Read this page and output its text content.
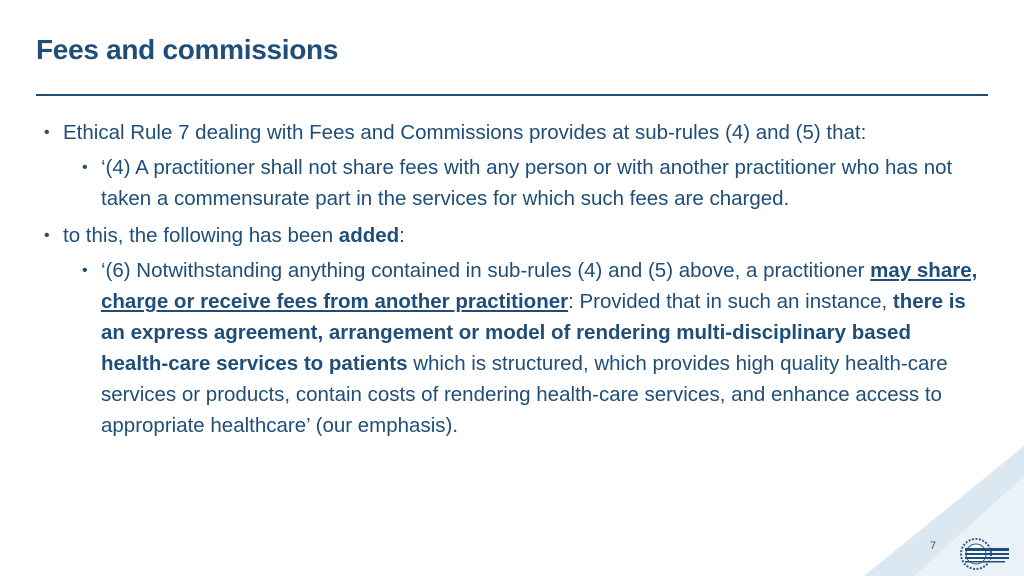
Fees and commissions

• Ethical Rule 7 dealing with Fees and Commissions provides at sub-rules (4) and (5) that:

• ‘(4) A practitioner shall not share fees with any person or with another practitioner who has not taken a commensurate part in the services for which such fees are charged.

• to this, the following has been added:

• ‘(6) Notwithstanding anything contained in sub-rules (4) and (5) above, a practitioner may share, charge or receive fees from another practitioner: Provided that in such an instance, there is an express agreement, arrangement or model of rendering multi-disciplinary based health-care services to patients which is structured, which provides high quality health-care services or products, contain costs of rendering health-care services, and enhance access to appropriate healthcare’ (our emphasis).

7
